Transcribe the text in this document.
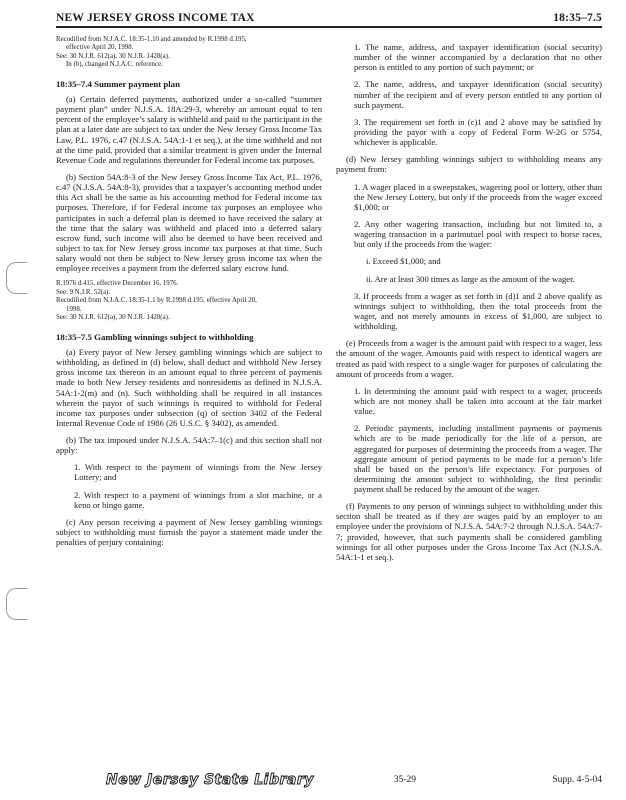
NEW JERSEY GROSS INCOME TAX	18:35–7.5
Recodified from N.J.A.C. 18:35-1.10 and amended by R.1998 d.195,
effective April 20, 1998.
See: 30 N.J.R. 612(a), 30 N.J.R. 1428(a).
In (b), changed N.J.A.C. reference.
18:35–7.4 Summer payment plan

(a) Certain deferred payments, authorized under a so-called “summer payment plan” under N.J.S.A. 18A:29-3, whereby an amount equal to ten percent of the employee’s salary is withheld and paid to the participant in the plan at a later date are subject to tax under the New Jersey Gross Income Tax Law, P.L. 1976, c.47 (N.J.S.A. 54A:1-1 et seq.), at the time withheld and not at the time paid, provided that a similar treatment is given under the Internal Revenue Code and regulations thereunder for Federal income tax purposes.

(b) Section 54A:8-3 of the New Jersey Gross Income Tax Act, P.L. 1976, c.47 (N.J.S.A. 54A:8-3), provides that a taxpayer’s accounting method under this Act shall be the same as his accounting method for Federal income tax purposes. Therefore, if for Federal income tax purposes an employee who participates in such a deferral plan is deemed to have received the salary at the time that the salary was withheld and placed into a deferred salary escrow fund, such income will also be deemed to have been received and subject to tax for New Jersey gross income tax purposes at that time. Such salary would not then be subject to New Jersey gross income tax when the employee receives a payment from the deferred salary escrow fund.

R.1976 d.415, effective December 16, 1976.
See: 9 N.J.R. 52(a).
Recodified from N.J.A.C. 18:35-1.1 by R.1998 d.195, effective April 20,
1998.
See: 30 N.J.R. 612(a), 30 N.J.R. 1428(a).
18:35–7.5 Gambling winnings subject to withholding

(a) Every payor of New Jersey gambling winnings which are subject to withholding, as defined in (d) below, shall deduct and withhold New Jersey gross income tax thereon in an amount equal to three percent of payments made to both New Jersey residents and nonresidents as defined in N.J.S.A. 54A:1-2(m) and (n). Such withholding shall be required in all instances wherein the payor of such winnings is required to withhold for Federal income tax purposes under subsection (q) of section 3402 of the Federal Internal Revenue Code of 1986 (26 U.S.C. § 3402), as amended.

(b) The tax imposed under N.J.S.A. 54A:7–1(c) and this section shall not apply:

1. With respect to the payment of winnings from the New Jersey Lottery; and

2. With respect to a payment of winnings from a slot machine, or a keno or bingo game.

(c) Any person receiving a payment of New Jersey gambling winnings subject to withholding must furnish the payor a statement made under the penalties of perjury containing:

1. The name, address, and taxpayer identification (social security) number of the winner accompanied by a declaration that no other person is entitled to any portion of such payment; or

2. The name, address, and taxpayer identification (social security) number of the recipient and of every person entitled to any portion of such payment.

3. The requirement set forth in (c)1 and 2 above may be satisfied by providing the payor with a copy of Federal Form W-2G or 5754, whichever is applicable.

(d) New Jersey gambling winnings subject to withholding means any payment from:

1. A wager placed in a sweepstakes, wagering pool or lottery, other than the New Jersey Lottery, but only if the proceeds from the wager exceed $1,000; or

2. Any other wagering transaction, including but not limited to, a wagering transaction in a parimutuel pool with respect to horse races, but only if the proceeds from the wager:

i. Exceed $1,000; and

ii. Are at least 300 times as large as the amount of the wager.

3. If proceeds from a wager as set forth in (d)1 and 2 above qualify as winnings subject to withholding, then the total proceeds from the wager, and not merely amounts in excess of $1,000, are subject to withholding.

(e) Proceeds from a wager is the amount paid with respect to a wager, less the amount of the wager. Amounts paid with respect to identical wagers are treated as paid with respect to a single wager for purposes of calculating the amount of proceeds from a wager.

1. In determining the amount paid with respect to a wager, proceeds which are not money shall be taken into account at the fair market value.

2. Periodic payments, including installment payments or payments which are to be made periodically for the life of a person, are aggregated for purposes of determining the proceeds from a wager. The aggregate amount of period payments to be made for a person’s life shall be based on the person’s life expectancy. For purposes of determining the amount subject to withholding, the first periodic payment shall be reduced by the amount of the wager.

(f) Payments to any person of winnings subject to withholding under this section shall be treated as if they are wages paid by an employer to an employee under the provisions of N.J.S.A. 54A:7-2 through N.J.S.A. 54A:7-7; provided, however, that such payments shall be considered gambling winnings for all other purposes under the Gross Income Tax Act (N.J.S.A. 54A:1-1 et seq.).

New Jersey State Library	35-29	Supp. 4-5-04
